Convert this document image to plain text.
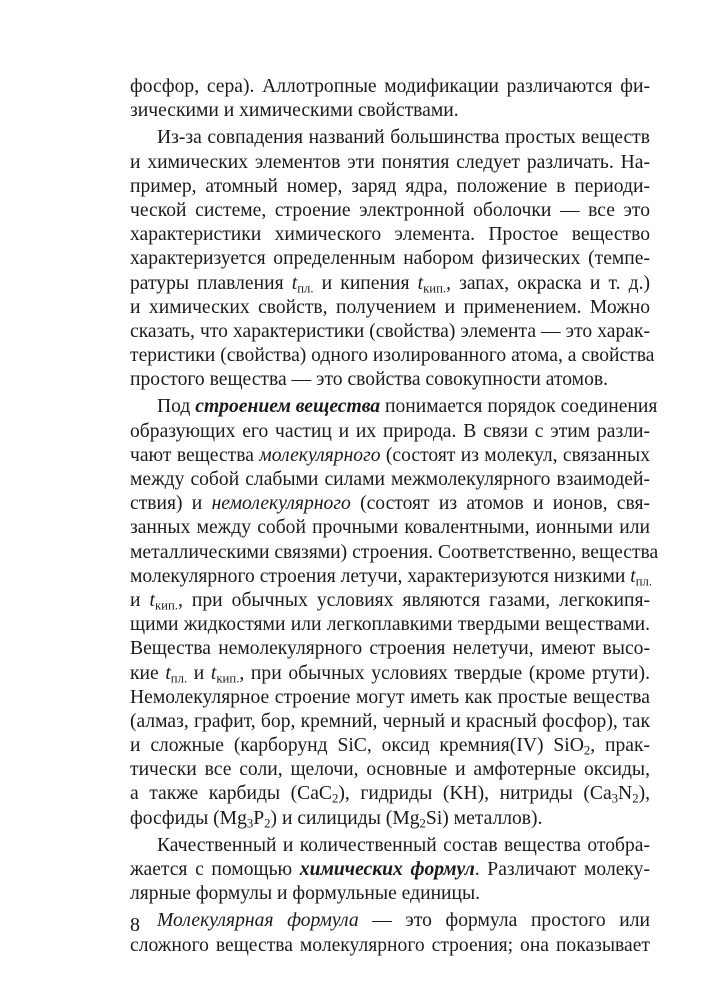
фосфор, сера). Аллотропные модификации различаются фи-
зическими и химическими свойствами.
Из-за совпадения названий большинства простых веществ
и химических элементов эти понятия следует различать. На-
пример, атомный номер, заряд ядра, положение в периоди-
ческой системе, строение электронной оболочки — все это
характеристики химического элемента. Простое вещество
характеризуется определенным набором физических (темпе-
ратуры плавления $t_{пл.}$ и кипения $t_{кип.}$, запах, окраска и т. д.)
и химических свойств, получением и применением. Можно
сказать, что характеристики (свойства) элемента — это харак-
теристики (свойства) одного изолированного атома, а свойства
простого вещества — это свойства совокупности атомов.
Под строением вещества понимается порядок соединения
образующих его частиц и их природа. В связи с этим разли-
чают вещества молекулярного (состоят из молекул, связанных
между собой слабыми силами межмолекулярного взаимодей-
ствия) и немолекулярного (состоят из атомов и ионов, свя-
занных между собой прочными ковалентными, ионными или
металлическими связями) строения. Соответственно, вещества
молекулярного строения летучи, характеризуются низкими $t_{пл.}$
и $t_{кип.}$, при обычных условиях являются газами, легкокипя-
щими жидкостями или легкоплавкими твердыми веществами.
Вещества немолекулярного строения нелетучи, имеют высо-
кие $t_{пл.}$ и $t_{кип.}$, при обычных условиях твердые (кроме ртути).
Немолекулярное строение могут иметь как простые вещества
(алмаз, графит, бор, кремний, черный и красный фосфор), так
и сложные (карборунд SiC, оксид кремния(IV) SiO$_2$, прак-
тически все соли, щелочи, основные и амфотерные оксиды,
а также карбиды (CaC$_2$), гидриды (KH), нитриды $(Ca_3N_2)$,
фосфиды $(Mg_3P_2)$ и силициды $(Mg_2Si)$ металлов).
Качественный и количественный состав вещества отобра-
жается с помощью химических формул. Различают молеку-
лярные формулы и формульные единицы.
Молекулярная формула — это формула простого или
сложного вещества молекулярного строения; она показывает
8
